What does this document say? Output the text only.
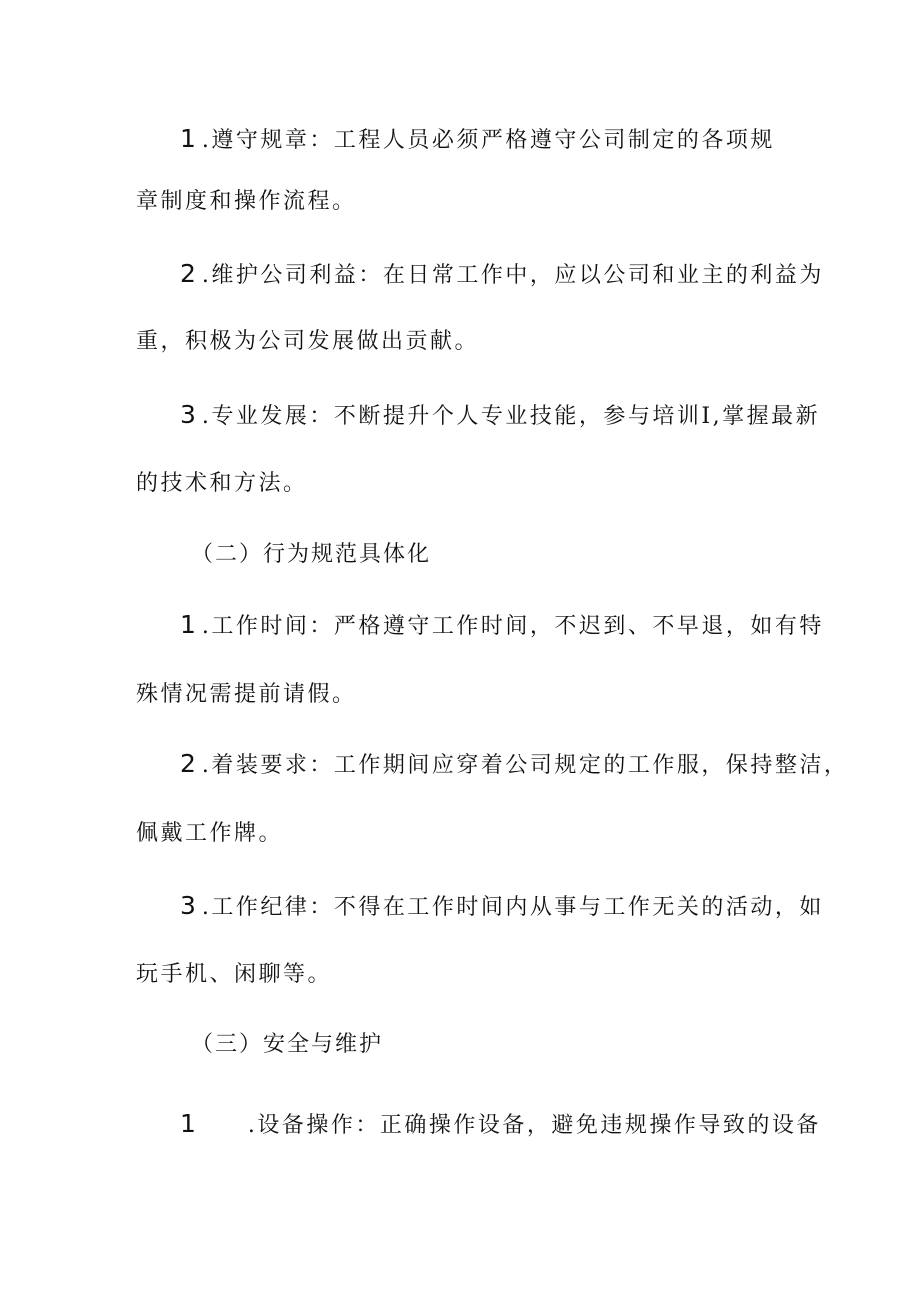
1 .遵守规章：工程人员必须严格遵守公司制定的各项规
章制度和操作流程。
2 .维护公司利益：在日常工作中，应以公司和业主的利益为
重，积极为公司发展做出贡献。
3 .专业发展：不断提升个人专业技能，参与培训I,掌握最新
的技术和方法。
（二）行为规范具体化
1 .工作时间：严格遵守工作时间，不迟到、不早退，如有特
殊情况需提前请假。
2 .着装要求：工作期间应穿着公司规定的工作服，保持整洁，
佩戴工作牌。
3 .工作纪律：不得在工作时间内从事与工作无关的活动，如
玩手机、闲聊等。
（三）安全与维护
1 .设备操作：正确操作设备，避免违规操作导致的设备
